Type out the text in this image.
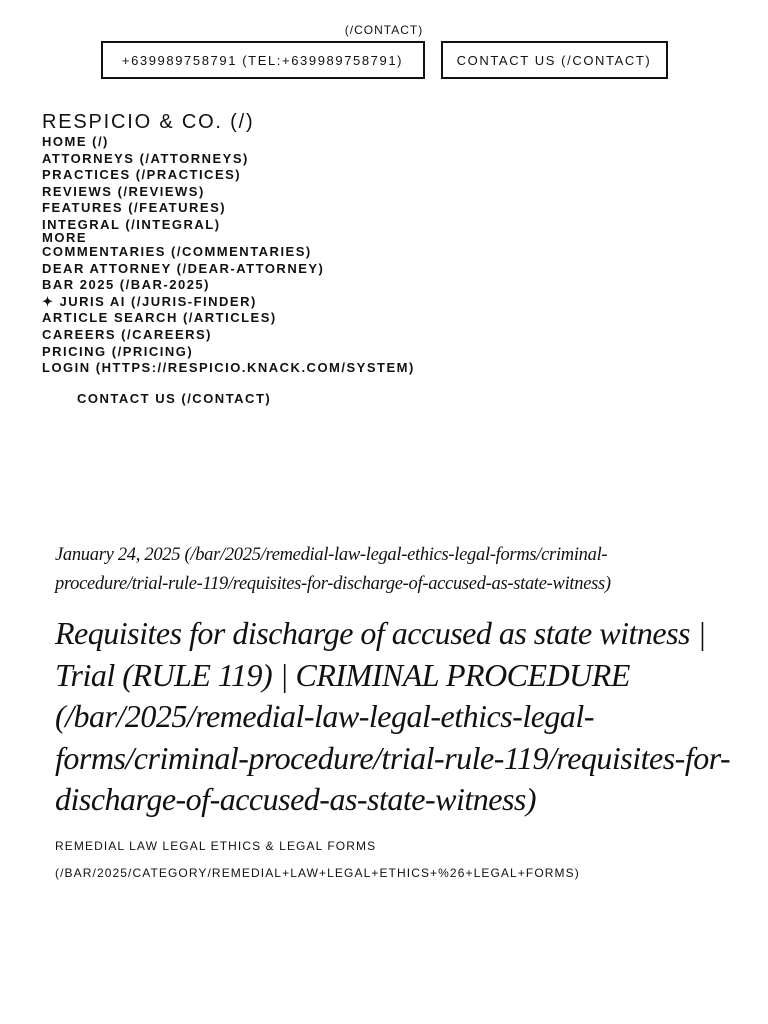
(/CONTACT)
+639989758791 (TEL:+639989758791)	CONTACT US (/CONTACT)
RESPICIO & CO. (/)
HOME (/)
ATTORNEYS (/ATTORNEYS)
PRACTICES (/PRACTICES)
REVIEWS (/REVIEWS)
FEATURES (/FEATURES)
INTEGRAL (/INTEGRAL)
MORE
COMMENTARIES (/COMMENTARIES)
DEAR ATTORNEY (/DEAR-ATTORNEY)
BAR 2025 (/BAR-2025)
✦ JURIS AI (/JURIS-FINDER)
ARTICLE SEARCH (/ARTICLES)
CAREERS (/CAREERS)
PRICING (/PRICING)
LOGIN (HTTPS://RESPICIO.KNACK.COM/SYSTEM)
CONTACT US (/CONTACT)
January 24, 2025 (/bar/2025/remedial-law-legal-ethics-legal-forms/criminal-procedure/trial-rule-119/requisites-for-discharge-of-accused-as-state-witness)
Requisites for discharge of accused as state witness | Trial (RULE 119) | CRIMINAL PROCEDURE (/bar/2025/remedial-law-legal-ethics-legal-forms/criminal-procedure/trial-rule-119/requisites-for-discharge-of-accused-as-state-witness)
REMEDIAL LAW LEGAL ETHICS & LEGAL FORMS
(/BAR/2025/CATEGORY/REMEDIAL+LAW+LEGAL+ETHICS+%26+LEGAL+FORMS)
